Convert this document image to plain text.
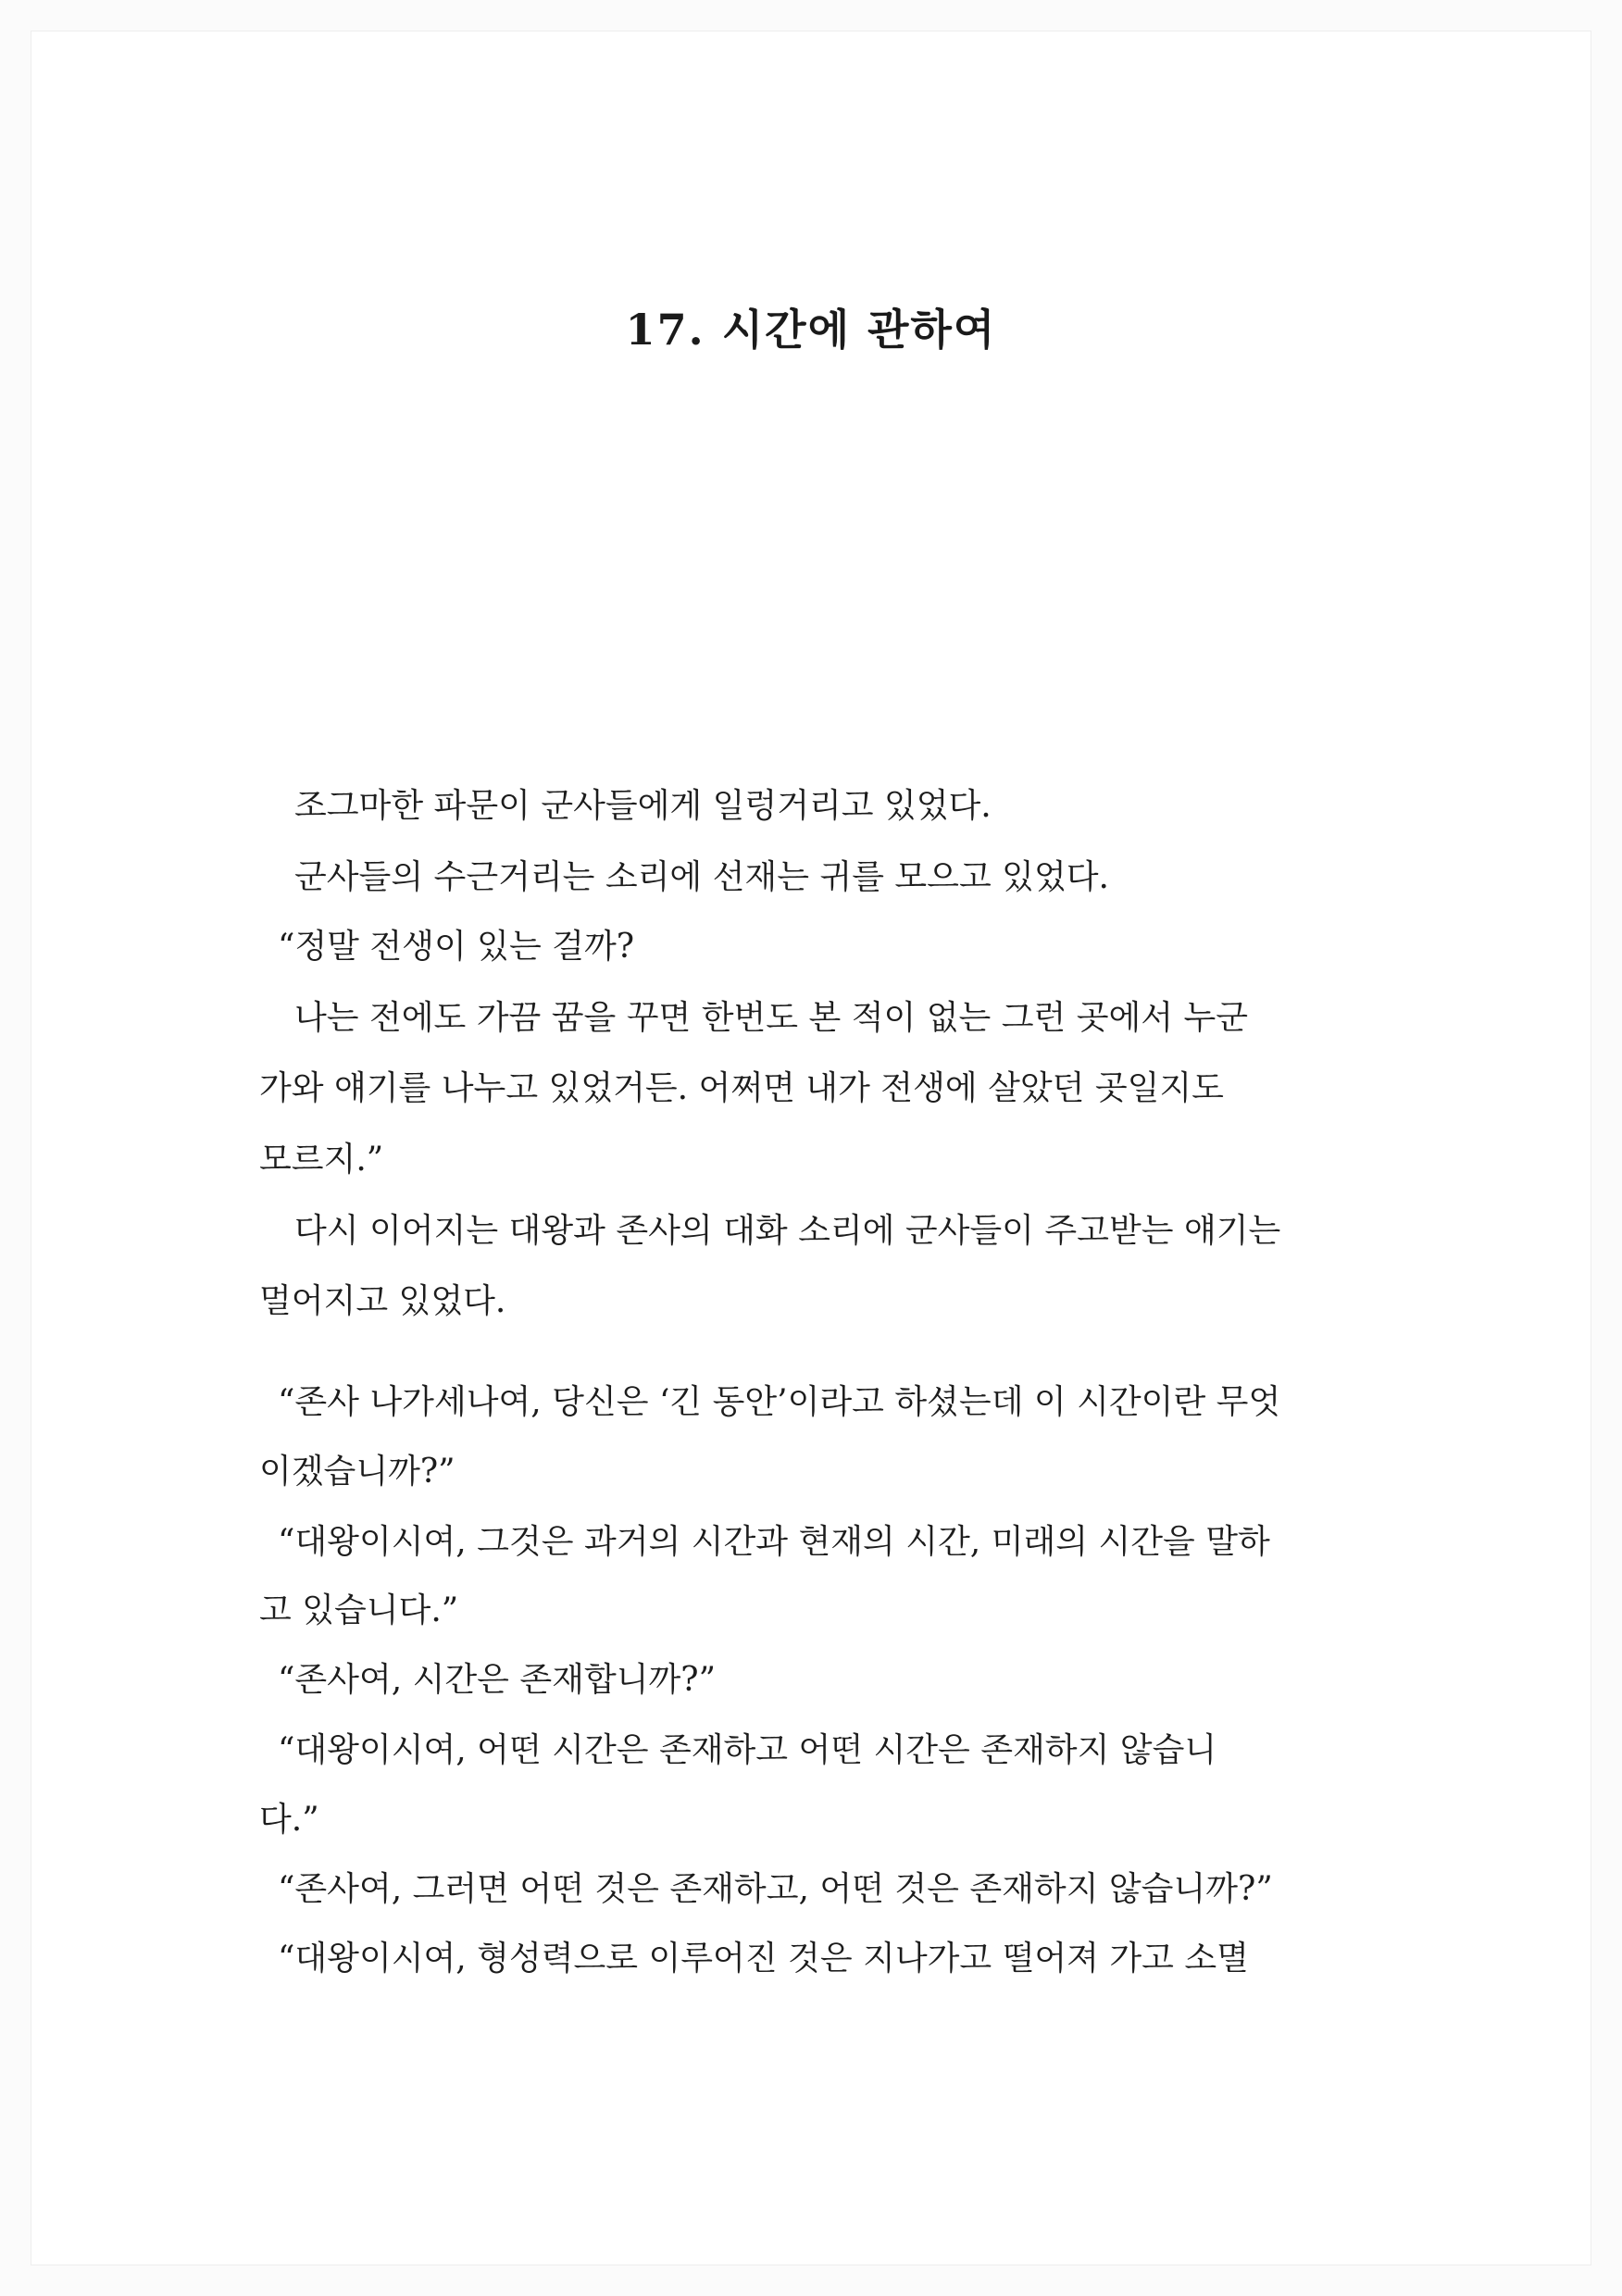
17. 시간에 관하여

조그마한 파문이 군사들에게 일렁거리고 있었다.

군사들의 수근거리는 소리에 선재는 귀를 모으고 있었다.

“정말 전생이 있는 걸까?

나는 전에도 가끔 꿈을 꾸면 한번도 본 적이 없는 그런 곳에서 누군

가와 얘기를 나누고 있었거든. 어쩌면 내가 전생에 살았던 곳일지도

모르지.”

다시 이어지는 대왕과 존사의 대화 소리에 군사들이 주고받는 얘기는

멀어지고 있었다.

“존사 나가세나여, 당신은 ‘긴 동안’이라고 하셨는데 이 시간이란 무엇

이겠습니까?”

“대왕이시여, 그것은 과거의 시간과 현재의 시간, 미래의 시간을 말하

고 있습니다.”

“존사여, 시간은 존재합니까?”

“대왕이시여, 어떤 시간은 존재하고 어떤 시간은 존재하지 않습니

다.”

“존사여, 그러면 어떤 것은 존재하고, 어떤 것은 존재하지 않습니까?”

“대왕이시여, 형성력으로 이루어진 것은 지나가고 떨어져 가고 소멸
